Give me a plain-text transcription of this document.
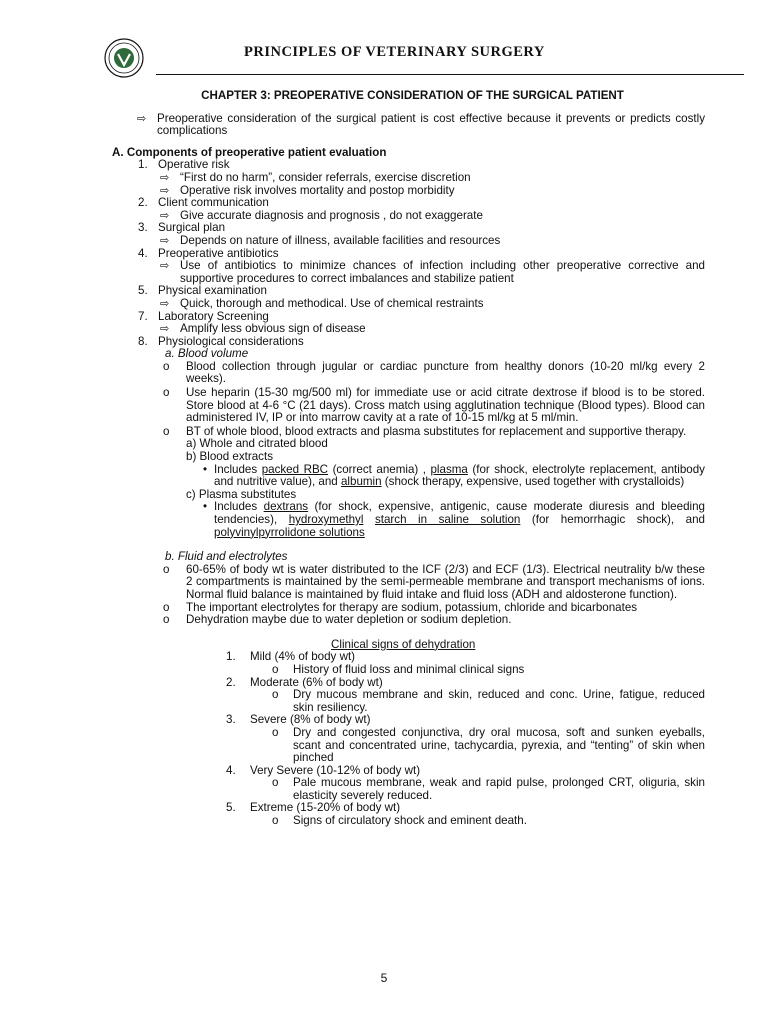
PRINCIPLES OF VETERINARY SURGERY
CHAPTER 3: PREOPERATIVE CONSIDERATION OF THE SURGICAL PATIENT
⇨ Preoperative consideration of the surgical patient is cost effective because it prevents or predicts costly complications
A. Components of preoperative patient evaluation
1. Operative risk
⇨ “First do no harm”, consider referrals, exercise discretion
⇨ Operative risk involves mortality and postop morbidity
2. Client communication
⇨ Give accurate diagnosis and prognosis , do not exaggerate
3. Surgical plan
⇨ Depends on nature of illness, available facilities and resources
4. Preoperative antibiotics
⇨ Use of antibiotics to minimize chances of infection including other preoperative corrective and supportive procedures to correct imbalances and stabilize patient
5. Physical examination
⇨ Quick, thorough and methodical. Use of chemical restraints
7. Laboratory Screening
⇨ Amplify less obvious sign of disease
8. Physiological considerations
a. Blood volume
o Blood collection through jugular or cardiac puncture from healthy donors (10-20 ml/kg every 2 weeks).
o Use heparin (15-30 mg/500 ml) for immediate use or acid citrate dextrose if blood is to be stored. Store blood at 4-6 °C (21 days). Cross match using agglutination technique (Blood types). Blood can administered IV, IP or into marrow cavity at a rate of 10-15 ml/kg at 5 ml/min.
o BT of whole blood, blood extracts and plasma substitutes for replacement and supportive therapy.
a) Whole and citrated blood
b) Blood extracts
• Includes packed RBC (correct anemia) , plasma (for shock, electrolyte replacement, antibody and nutritive value), and albumin (shock therapy, expensive, used together with crystalloids)
c) Plasma substitutes
• Includes dextrans (for shock, expensive, antigenic, cause moderate diuresis and bleeding tendencies), hydroxymethyl starch in saline solution (for hemorrhagic shock), and polyvinylpyrrolidone solutions
b. Fluid and electrolytes
o 60-65% of body wt is water distributed to the ICF (2/3) and ECF (1/3). Electrical neutrality b/w these 2 compartments is maintained by the semi-permeable membrane and transport mechanisms of ions. Normal fluid balance is maintained by fluid intake and fluid loss (ADH and aldosterone function).
o The important electrolytes for therapy are sodium, potassium, chloride and bicarbonates
o Dehydration maybe due to water depletion or sodium depletion.
Clinical signs of dehydration
1. Mild (4% of body wt)
o History of fluid loss and minimal clinical signs
2. Moderate (6% of body wt)
o Dry mucous membrane and skin, reduced and conc. Urine, fatigue, reduced skin resiliency.
3. Severe (8% of body wt)
o Dry and congested conjunctiva, dry oral mucosa, soft and sunken eyeballs, scant and concentrated urine, tachycardia, pyrexia, and “tenting” of skin when pinched
4. Very Severe (10-12% of body wt)
o Pale mucous membrane, weak and rapid pulse, prolonged CRT, oliguria, skin elasticity severely reduced.
5. Extreme (15-20% of body wt)
o Signs of circulatory shock and eminent death.
5
